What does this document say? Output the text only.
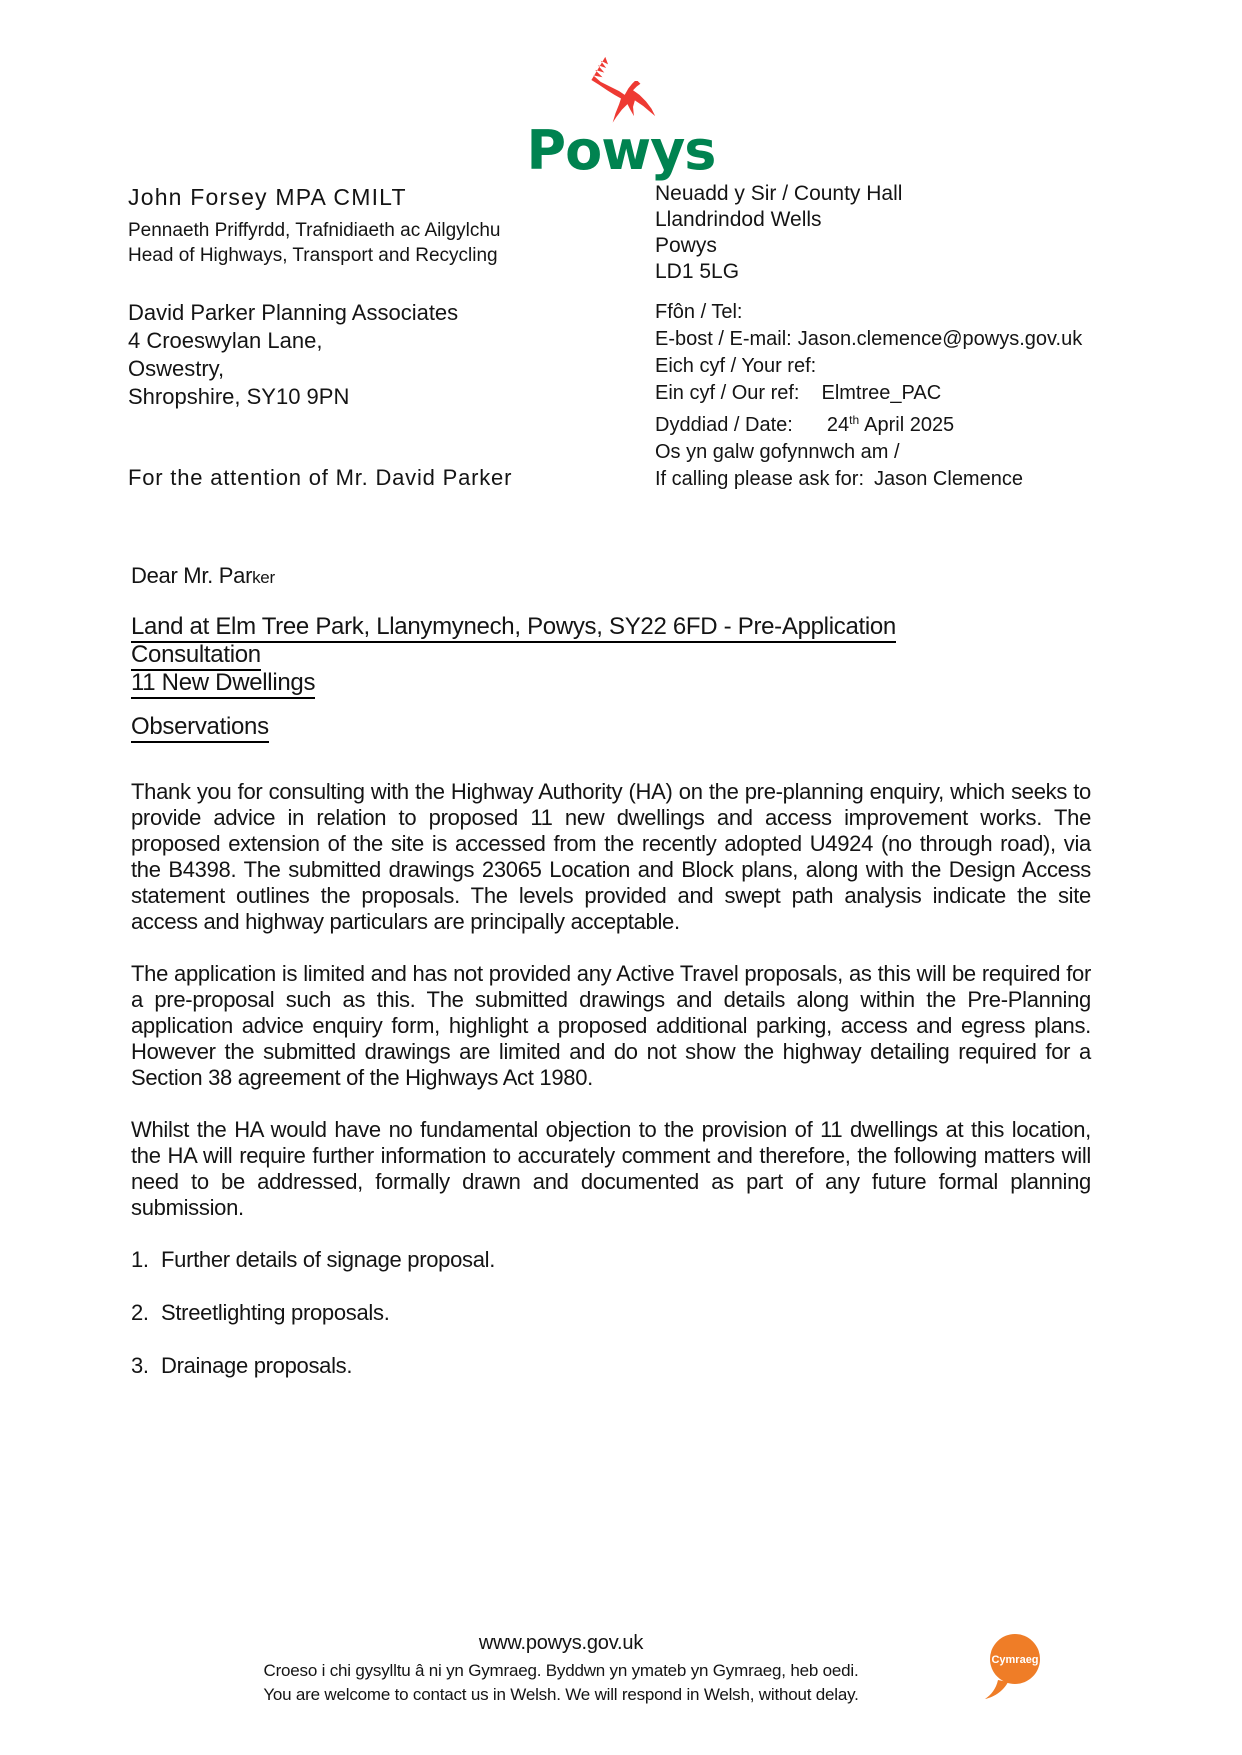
Powys
John Forsey MPA CMILT
Pennaeth Priffyrdd, Trafnidiaeth ac Ailgylchu
Head of Highways, Transport and Recycling
Neuadd y Sir / County Hall
Llandrindod Wells
Powys
LD1 5LG
David Parker Planning Associates
4 Croeswylan Lane,
Oswestry,
Shropshire, SY10 9PN
Ffôn / Tel:
E-bost / E-mail: Jason.clemence@powys.gov.uk
Eich cyf / Your ref:
Ein cyf / Our ref: Elmtree_PAC
Dyddiad / Date: 24th April 2025
Os yn galw gofynnwch am /
If calling please ask for: Jason Clemence
For the attention of Mr. David Parker
Dear Mr. Parker
Land at Elm Tree Park, Llanymynech, Powys, SY22 6FD - Pre-Application
Consultation
11 New Dwellings
Observations

Thank you for consulting with the Highway Authority (HA) on the pre-planning enquiry, which seeks to provide advice in relation to proposed 11 new dwellings and access improvement works. The proposed extension of the site is accessed from the recently adopted U4924 (no through road), via the B4398. The submitted drawings 23065 Location and Block plans, along with the Design Access statement outlines the proposals. The levels provided and swept path analysis indicate the site access and highway particulars are principally acceptable.

The application is limited and has not provided any Active Travel proposals, as this will be required for a pre-proposal such as this. The submitted drawings and details along within the Pre-Planning application advice enquiry form, highlight a proposed additional parking, access and egress plans. However the submitted drawings are limited and do not show the highway detailing required for a Section 38 agreement of the Highways Act 1980.

Whilst the HA would have no fundamental objection to the provision of 11 dwellings at this location, the HA will require further information to accurately comment and therefore, the following matters will need to be addressed, formally drawn and documented as part of any future formal planning submission.

1. Further details of signage proposal.
2. Streetlighting proposals.
3. Drainage proposals.
www.powys.gov.uk
Croeso i chi gysylltu â ni yn Gymraeg. Byddwn yn ymateb yn Gymraeg, heb oedi.
You are welcome to contact us in Welsh. We will respond in Welsh, without delay.
Cymraeg
